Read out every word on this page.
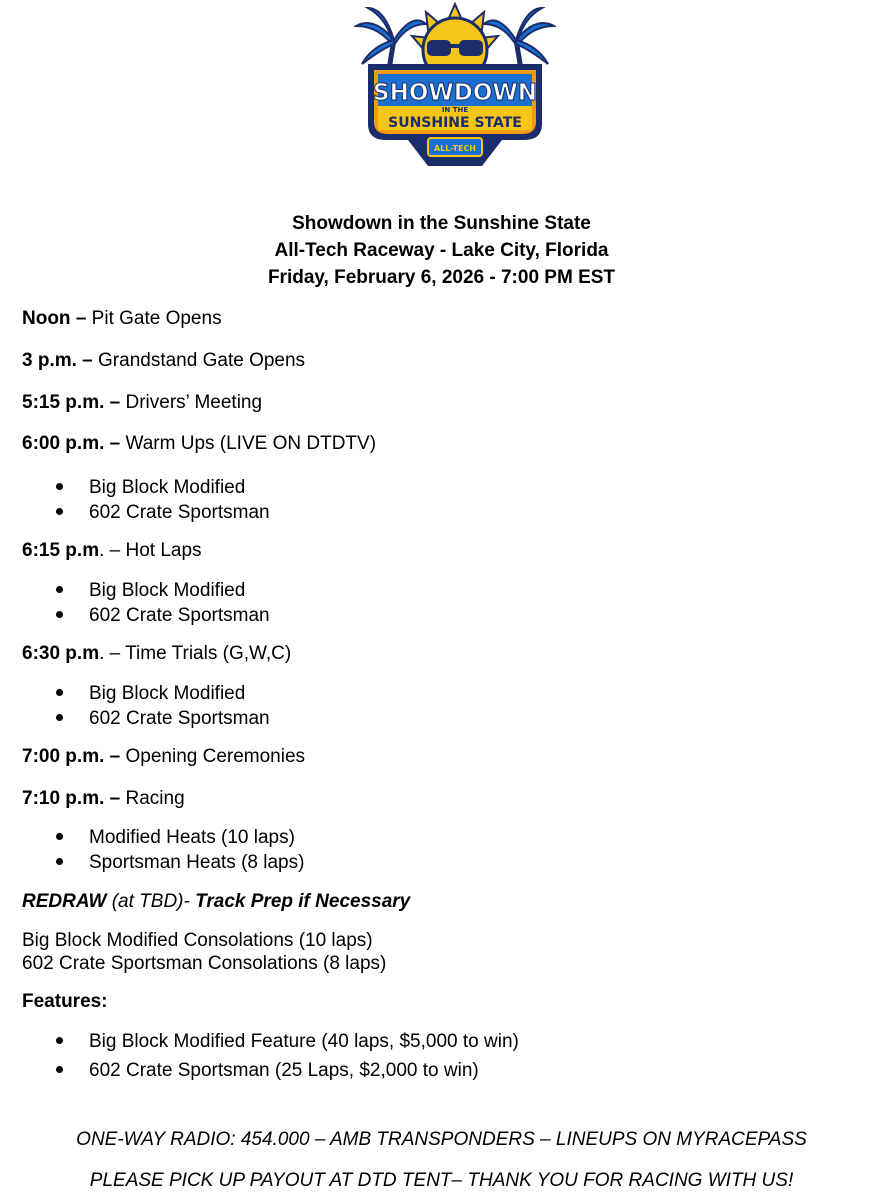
SHOWDOWN
IN THE
SUNSHINE STATE
ALL-TECH
Showdown in the Sunshine State
All-Tech Raceway - Lake City, Florida
Friday, February 6, 2026 - 7:00 PM EST
Noon – Pit Gate Opens
3 p.m. – Grandstand Gate Opens
5:15 p.m. – Drivers’ Meeting
6:00 p.m. – Warm Ups (LIVE ON DTDTV)
Big Block Modified
602 Crate Sportsman
6:15 p.m. – Hot Laps
Big Block Modified
602 Crate Sportsman
6:30 p.m. – Time Trials (G,W,C)
Big Block Modified
602 Crate Sportsman
7:00 p.m. – Opening Ceremonies
7:10 p.m. – Racing
Modified Heats (10 laps)
Sportsman Heats (8 laps)
REDRAW (at TBD)- Track Prep if Necessary
Big Block Modified Consolations (10 laps)
602 Crate Sportsman Consolations (8 laps)
Features:
Big Block Modified Feature (40 laps, $5,000 to win)
602 Crate Sportsman (25 Laps, $2,000 to win)
ONE-WAY RADIO: 454.000 – AMB TRANSPONDERS – LINEUPS ON MYRACEPASS
PLEASE PICK UP PAYOUT AT DTD TENT– THANK YOU FOR RACING WITH US!
